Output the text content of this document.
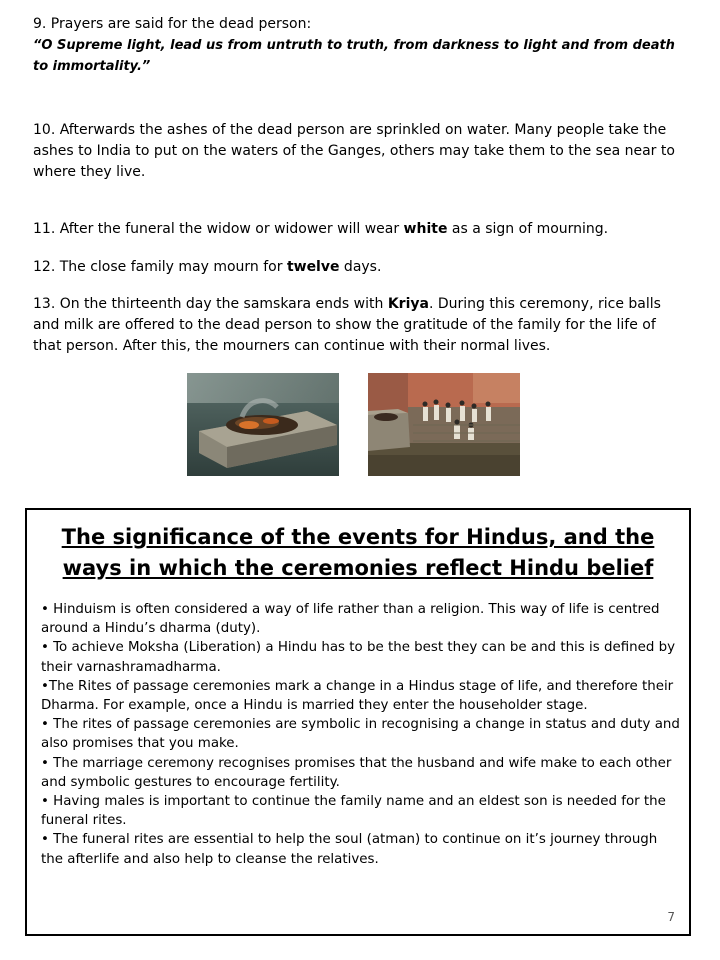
9. Prayers are said for the dead person:

“O Supreme light, lead us from untruth to truth, from darkness to light and from death to immortality.”

10. Afterwards the ashes of the dead person are sprinkled on water. Many people take the ashes to India to put on the waters of the Ganges, others may take them to the sea near to where they live.

11. After the funeral the widow or widower will wear white as a sign of mourning.

12. The close family may mourn for twelve days.

13. On the thirteenth day the samskara ends with Kriya. During this ceremony, rice balls and milk are offered to the dead person to show the gratitude of the family for the life of that person. After this, the mourners can continue with their normal lives.

The significance of the events for Hindus, and the
ways in which the ceremonies reflect Hindu belief
• Hinduism is often considered a way of life rather than a religion. This way of life is centred around a Hindu’s dharma (duty).
• To achieve Moksha (Liberation) a Hindu has to be the best they can be and this is defined by their varnashramadharma.
•The Rites of passage ceremonies mark a change in a Hindus stage of life, and therefore their Dharma. For example, once a Hindu is married they enter the householder stage.
• The rites of passage ceremonies are symbolic in recognising a change in status and duty and also promises that you make.
• The marriage ceremony recognises promises that the husband and wife make to each other and symbolic gestures to encourage fertility.
• Having males is important to continue the family name and an eldest son is needed for the funeral rites.
• The funeral rites are essential to help the soul (atman) to continue on it’s journey through the afterlife and also help to cleanse the relatives.
7
